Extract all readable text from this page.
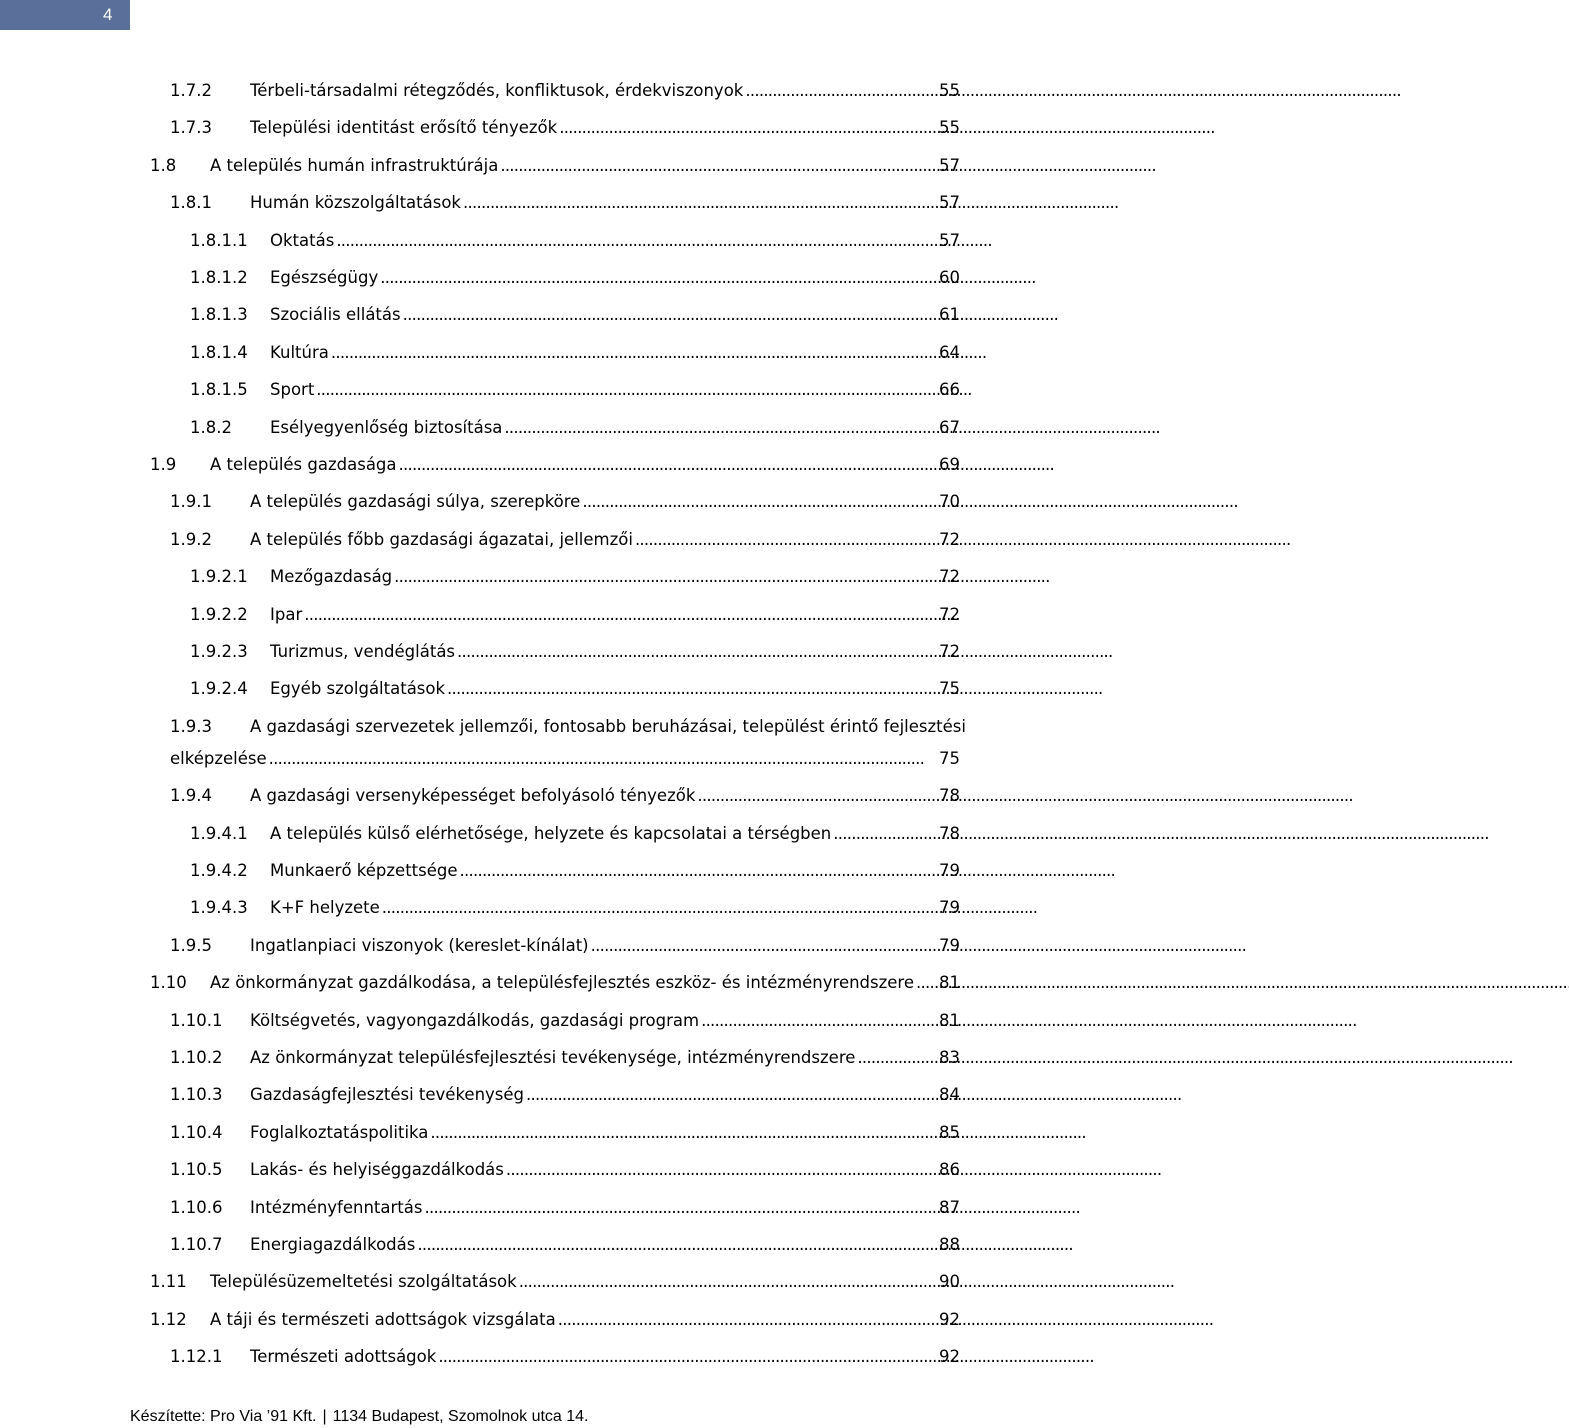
4
1.7.2	Térbeli-társadalmi rétegződés, konfliktusok, érdekviszonyok . . .	55
1.7.3	Települési identitást erősítő tényezők . . .	55
1.8	A település humán infrastruktúrája . . .	57
1.8.1	Humán közszolgáltatások . . .	57
1.8.1.1	Oktatás . . .	57
1.8.1.2	Egészségügy . . .	60
1.8.1.3	Szociális ellátás . . .	61
1.8.1.4	Kultúra . . .	64
1.8.1.5	Sport . . .	66
1.8.2	Esélyegyenlőség biztosítása . . .	67
1.9	A település gazdasága . . .	69
1.9.1	A település gazdasági súlya, szerepköre . . .	70
1.9.2	A település főbb gazdasági ágazatai, jellemzői . . .	72
1.9.2.1	Mezőgazdaság . . .	72
1.9.2.2	Ipar . . .	72
1.9.2.3	Turizmus, vendéglátás . . .	72
1.9.2.4	Egyéb szolgáltatások . . .	75
1.9.3	A gazdasági szervezetek jellemzői, fontosabb beruházásai, települést érintő fejlesztési
elképzelése . . .	75
1.9.4	A gazdasági versenyképességet befolyásoló tényezők . . .	78
1.9.4.1	A település külső elérhetősége, helyzete és kapcsolatai a térségben . . .	78
1.9.4.2	Munkaerő képzettsége . . .	79
1.9.4.3	K+F helyzete . . .	79
1.9.5	Ingatlanpiaci viszonyok (kereslet-kínálat) . . .	79
1.10	Az önkormányzat gazdálkodása, a településfejlesztés eszköz- és intézményrendszere . . . 81
1.10.1	Költségvetés, vagyongazdálkodás, gazdasági program . . .	81
1.10.2	Az önkormányzat településfejlesztési tevékenysége, intézményrendszere . . .	83
1.10.3	Gazdaságfejlesztési tevékenység . . .	84
1.10.4	Foglalkoztatáspolitika . . .	85
1.10.5	Lakás- és helyiséggazdálkodás . . .	86
1.10.6	Intézményfenntartás . . .	87
1.10.7	Energiagazdálkodás . . .	88
1.11	Településüzemeltetési szolgáltatások . . .	90
1.12	A táji és természeti adottságok vizsgálata . . .	92
1.12.1	Természeti adottságok . . .	92
Készítette: Pro Via ’91 Kft. | 1134 Budapest, Szomolnok utca 14.
